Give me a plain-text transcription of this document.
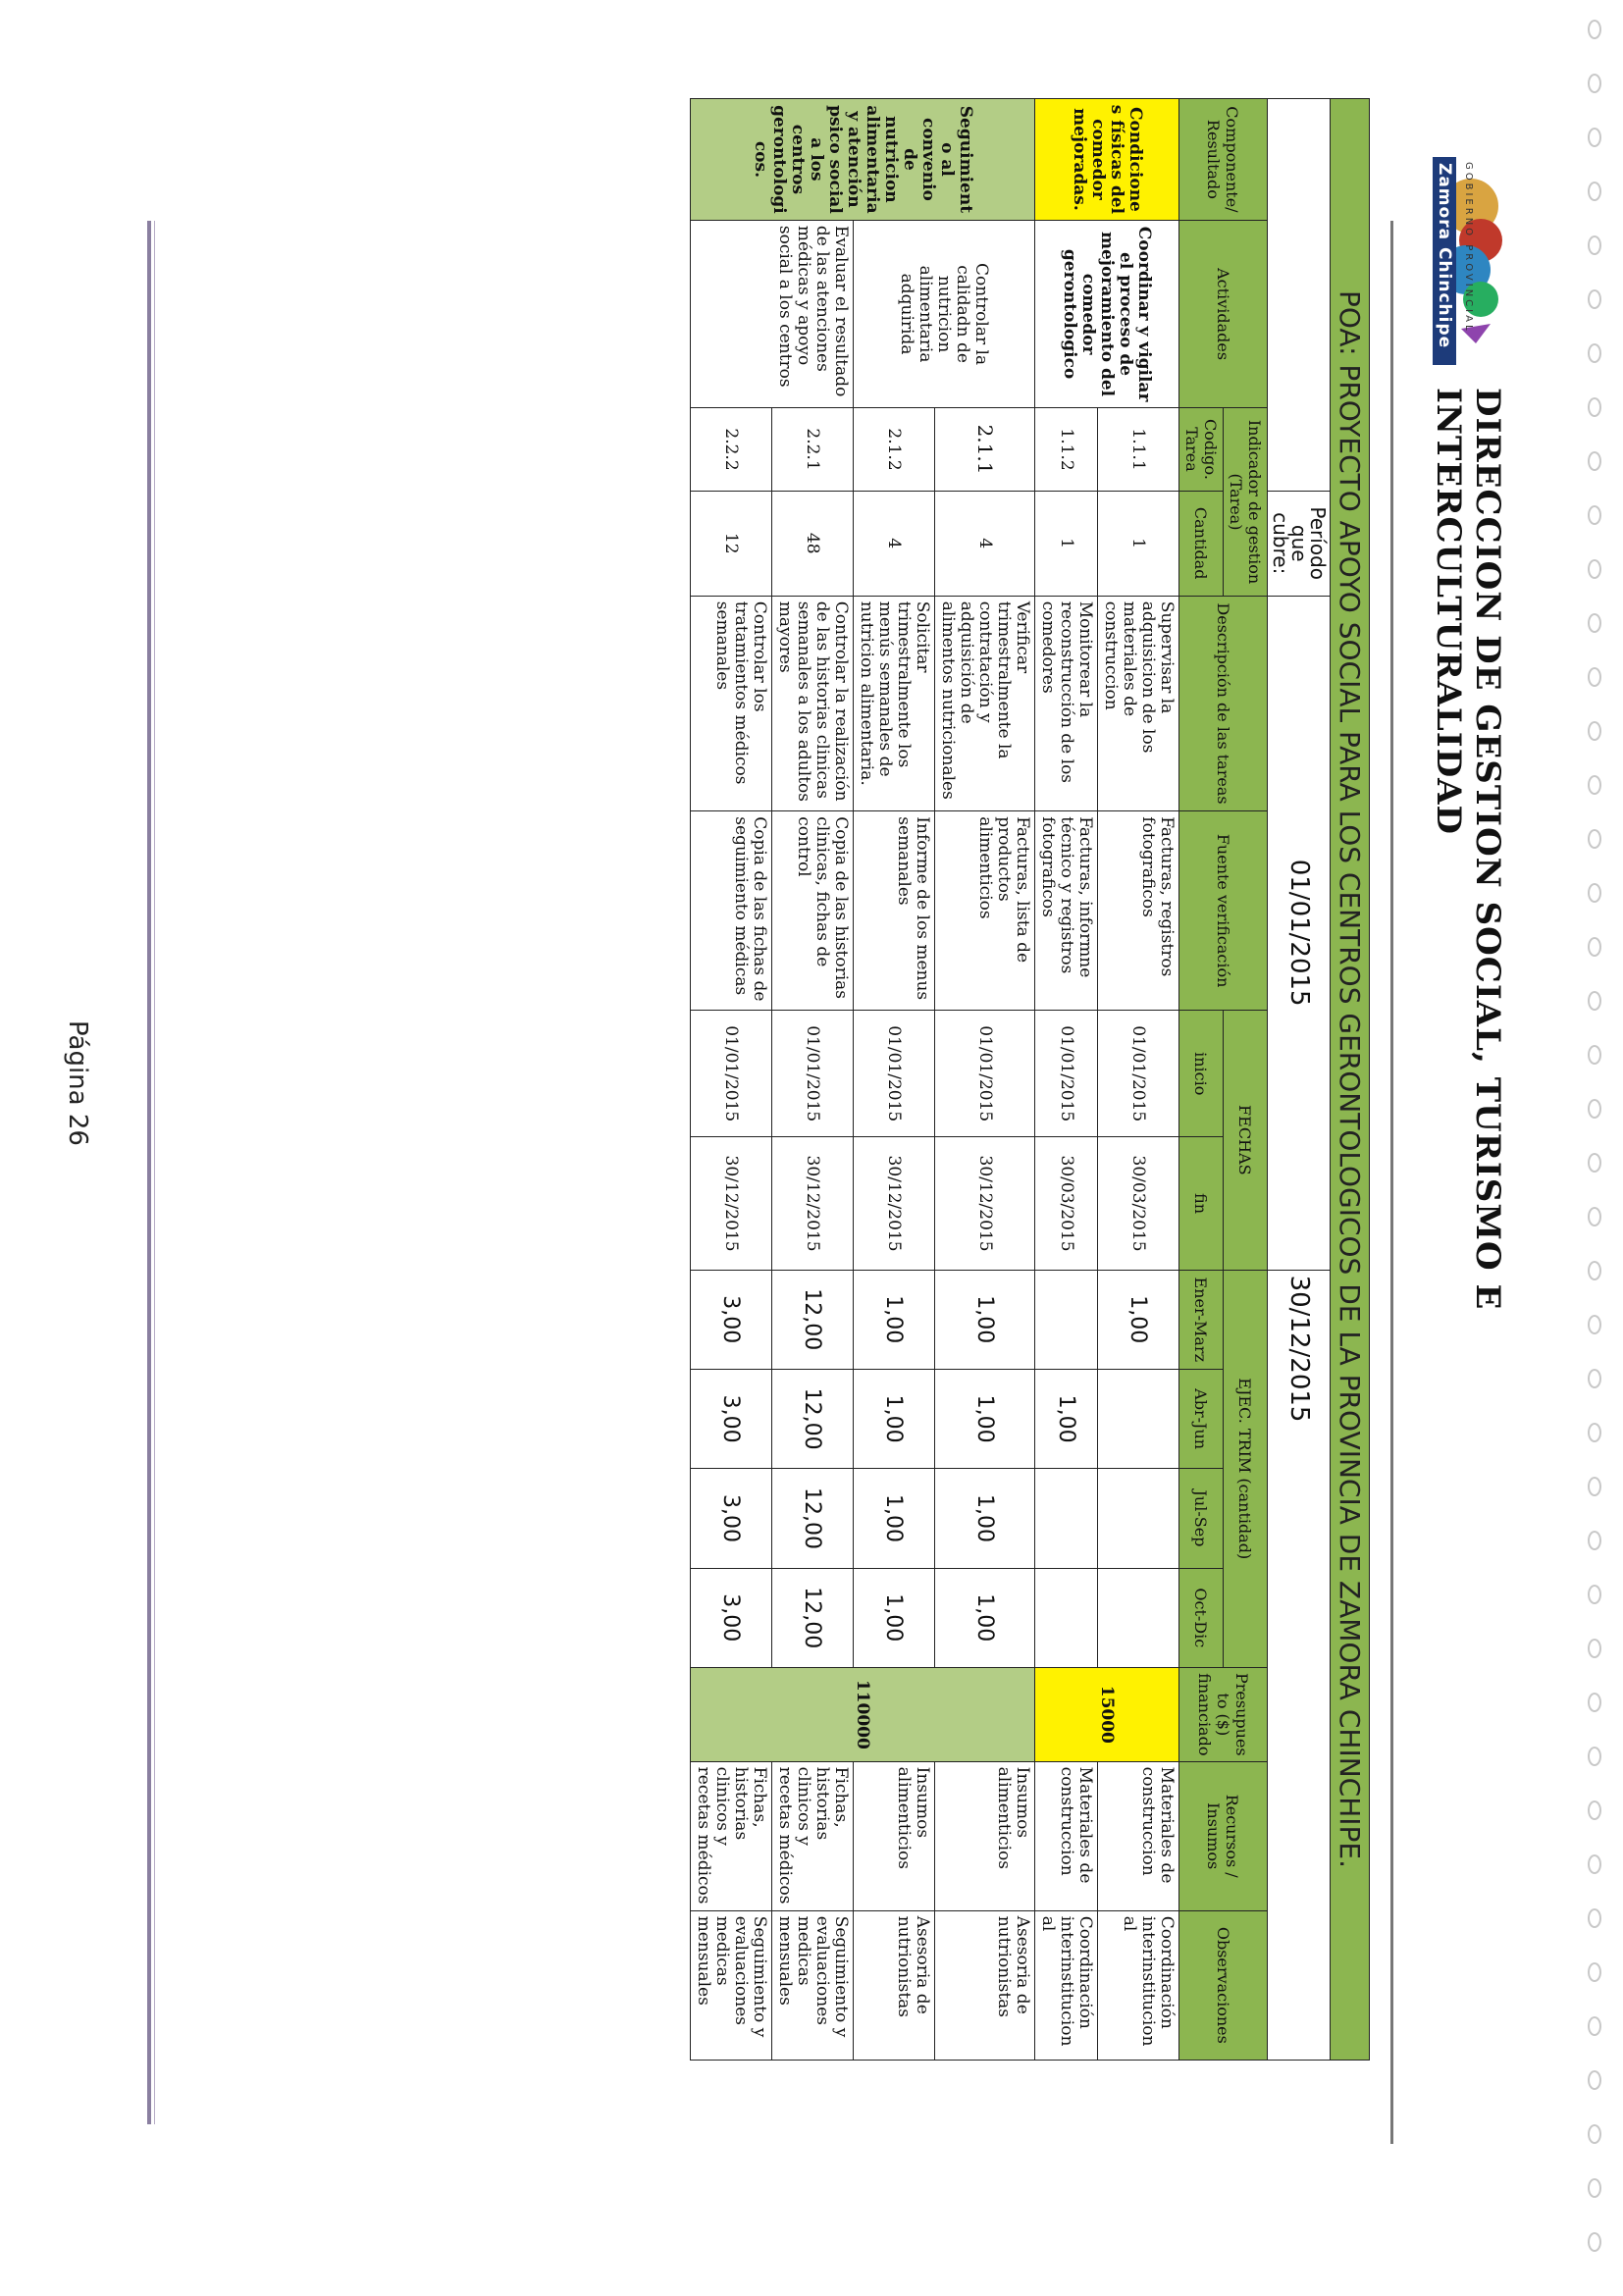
GOBIERNO PROVINCIAL
Zamora Chinchipe
DIRECCION DE GESTION SOCIAL, TURISMO E INTERCULTURALIDAD
POA: PROYECTO APOYO SOCIAL PARA LOS CENTROS GERONTOLOGICOS DE LA PROVINCIA DE ZAMORA CHINCHIPE.														
			Período que cubre:	01/01/2015				30/12/2015						
Componente/ Resultado	Actividades	Indicador de gestion (Tarea)		Descripción de las tareas	Fuente verificación	FECHAS		EJEC. TRIM (cantidad)				Presupuesto ($) financiado	Recursos / Insumos	Observaciones
		Codigo. Tarea	Cantidad			inicio	fin	Ener-Marz	Abr-Jun	Jul-Sep	Oct-Dic			
Condiciones físicas del comedor mejoradas.	Coordinar y vigilar el proceso de mejoramiento del comedor gerontologico	1.1.1	1	Supervisar la adquisicion de los materiales de construccion	Facturas, registros fotograficos	01/01/2015	30/03/2015	1,00				15000	Materiales de construccion	Coordinación interinstitucional
		1.1.2	1	Monitorear la reconstrucción de los comedores	Facturas, informne técnico y registros fotograficos	01/01/2015	30/03/2015		1,00				Materiales de construccion	Coordinación interinstitucional
Seguimiento al convenio de nutricion alimentaria y atención psico social a los centros gerontologicos.	Controlar la calidadn de nutricion alimentaria adquirida	2.1.1	4	Verificar trimestralmente la contratación y adquisición de alimentos nutricionales	Facturas, lista de productos alimenticios	01/01/2015	30/12/2015	1,00	1,00	1,00	1,00	110000	Insumos alimenticios	Asesoria de nutrionistas
		2.1.2	4	Solicitar trimestralmente los menús semanales de nutricion alimentaria.	Informe de los menus semanales	01/01/2015	30/12/2015	1,00	1,00	1,00	1,00		Insumos alimenticios	Asesoria de nutrionistas
	Evaluar el resultado de las atenciones médicas y apoyo social a los centros	2.2.1	48	Controlar la realización de las historias clinicas semanales a los adultos mayores	Copia de las historias clinicas, fichas de control	01/01/2015	30/12/2015	12,00	12,00	12,00	12,00		Fichas, historias clinicos y recetas médicos	Seguimiento y evaluaciones medicas mensuales
		2.2.2	12	Controlar los tratamientos médicos semanales	Copia de las fichas de seguimiento médicas	01/01/2015	30/12/2015	3,00	3,00	3,00	3,00		Fichas, historias clinicos y recetas médicos	Seguimiento y evaluaciones medicas mensuales
Página 26
